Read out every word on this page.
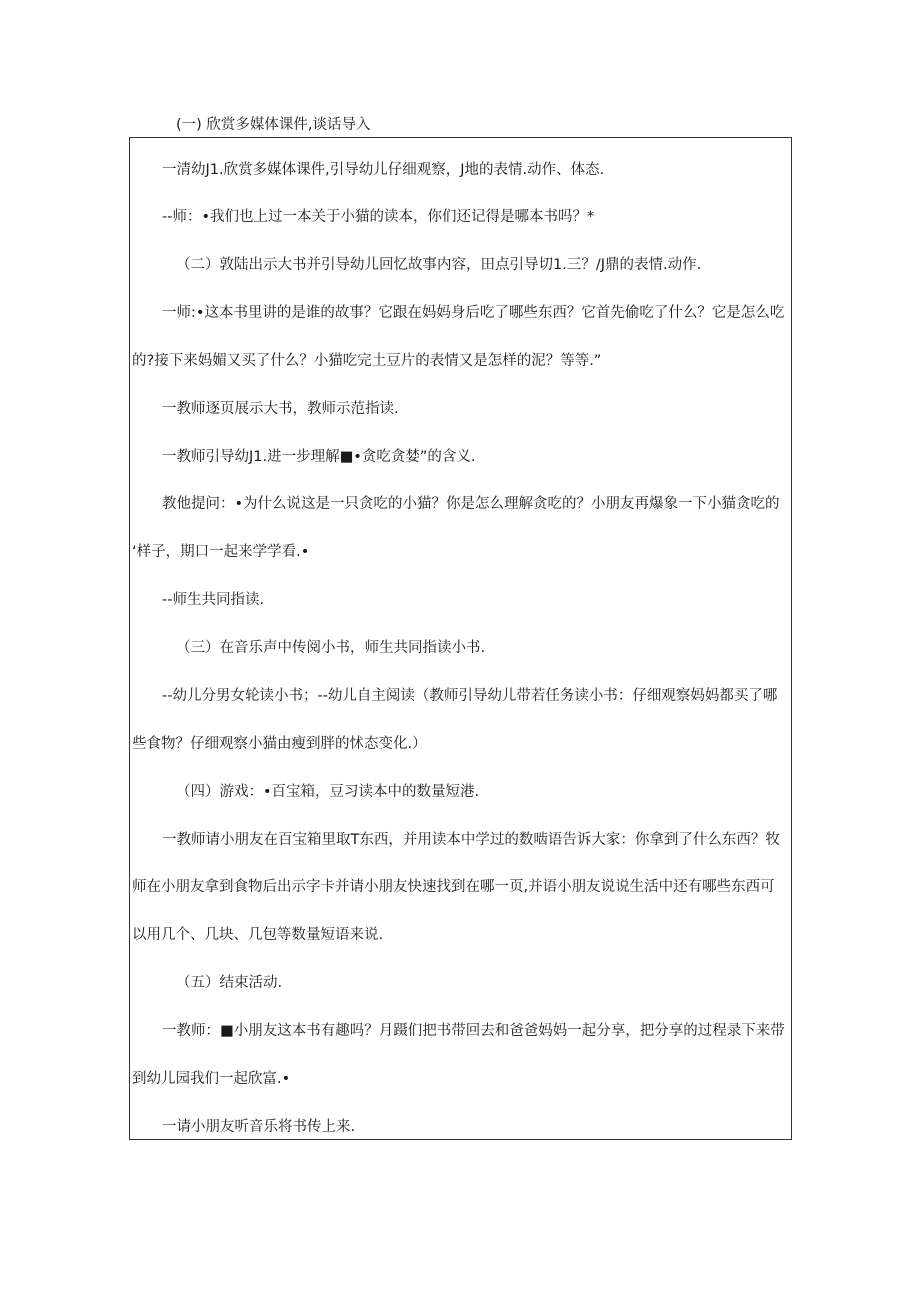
(一) 欣赏多媒体课件,谈话导入
一清幼J1.欣赏多媒体课件,引导幼儿仔细观察，J地的表情.动作、体态.
--师：•我们也上过一本关于小猫的读本，你们还记得是哪本书吗？*
（二）敦陆出示大书并引导幼儿回忆故事内容，田点引导切1.三？/J鼎的表情.动作.
一师:•这本书里讲的是谁的故事？它跟在妈妈身后吃了哪些东西？它首先偷吃了什么？它是怎么吃
的?接下来妈媚又买了什么？小猫吃完土豆片的表情又是怎样的泥？等等.”
一教师逐页展示大书，教师示范指读.
一教师引导幼J1.进一步理解■•贪吃贪婪”的含义.
教他提问：•为什么说这是一只贪吃的小猫？你是怎么理解贪吃的？小朋友再爆象一下小猫贪吃的
‘样子，期口一起来学学看.•
--师生共同指读.
（三）在音乐声中传阅小书，师生共同指读小书.
--幼儿分男女轮读小书；--幼儿自主阅读（教师引导幼儿带若任务读小书：仔细观察妈妈都买了哪
些食物？仔细观察小猫由瘦到胖的怵态变化.）
（四）游戏：•百宝箱，豆习读本中的数量短港.
一教师请小朋友在百宝箱里取T东西，并用读本中学过的数啮语告诉大家：你拿到了什么东西？牧
师在小朋友拿到食物后出示字卡并请小朋友快速找到在哪一页,并语小朋友说说生活中还有哪些东西可
以用几个、几块、几包等数量短语来说.
（五）结束活动.
一教师：■小朋友这本书有趣吗？月蹑们把书带回去和爸爸妈妈一起分享，把分享的过程录下来带
到幼儿园我们一起欣富.•
一请小朋友听音乐将书传上来.
